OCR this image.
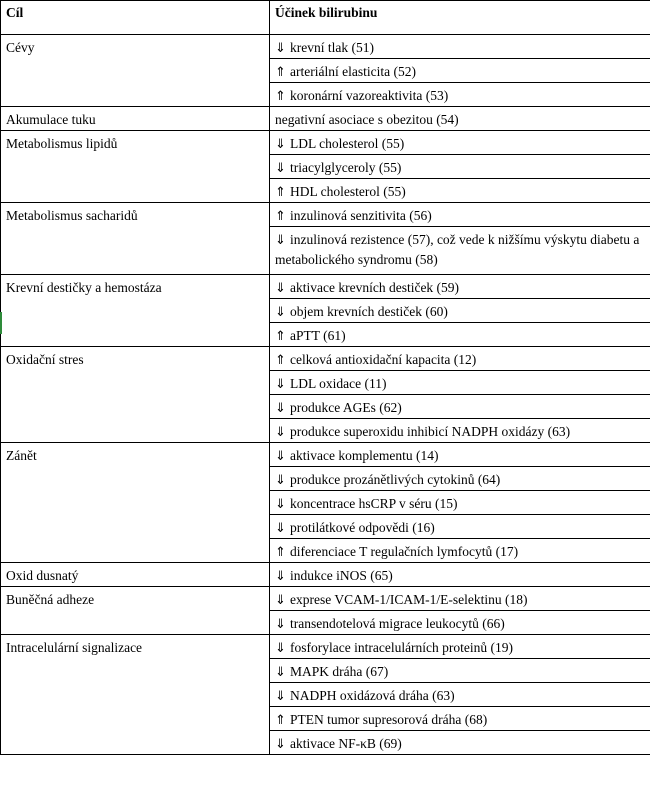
Cíl	Účinek bilirubinu
Cévy	⇓ krevní tlak (51)
	⇑ arteriální elasticita (52)
	⇑ koronární vazoreaktivita (53)
Akumulace tuku	negativní asociace s obezitou (54)
Metabolismus lipidů	⇓ LDL cholesterol (55)
	⇓ triacylglyceroly (55)
	⇑ HDL cholesterol (55)
Metabolismus sacharidů	⇑ inzulinová senzitivita (56)
	⇓ inzulinová rezistence (57), což vede k nižšímu výskytu diabetu a metabolického syndromu (58)
Krevní destičky a hemostáza	⇓ aktivace krevních destiček (59)
	⇓ objem krevních destiček (60)
	⇑ aPTT (61)
Oxidační stres	⇑ celková antioxidační kapacita (12)
	⇓ LDL oxidace (11)
	⇓ produkce AGEs (62)
	⇓ produkce superoxidu inhibicí NADPH oxidázy (63)
Zánět	⇓ aktivace komplementu (14)
	⇓ produkce prozánětlivých cytokinů (64)
	⇓ koncentrace hsCRP v séru (15)
	⇓ protilátkové odpovědi (16)
	⇑ diferenciace T regulačních lymfocytů (17)
Oxid dusnatý	⇓ indukce iNOS (65)
Buněčná adheze	⇓ exprese VCAM-1/ICAM-1/E-selektinu (18)
	⇓ transendotelová migrace leukocytů (66)
Intracelulární signalizace	⇓ fosforylace intracelulárních proteinů (19)
	⇓ MAPK dráha (67)
	⇓ NADPH oxidázová dráha (63)
	⇑ PTEN tumor supresorová dráha (68)
	⇓ aktivace NF-κB (69)
